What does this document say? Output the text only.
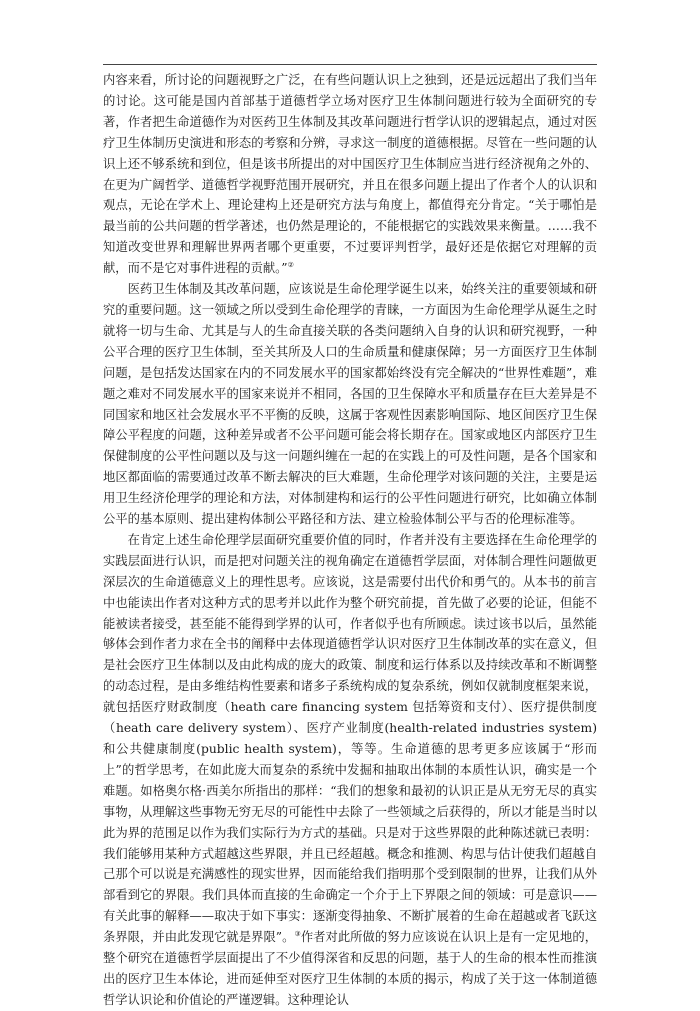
内容来看，所讨论的问题视野之广泛，在有些问题认识上之独到，还是远远超出了我们当年的讨论。这可能是国内首部基于道德哲学立场对医疗卫生体制问题进行较为全面研究的专著，作者把生命道德作为对医药卫生体制及其改革问题进行哲学认识的逻辑起点，通过对医疗卫生体制历史演进和形态的考察和分辨，寻求这一制度的道德根据。尽管在一些问题的认识上还不够系统和到位，但是该书所提出的对中国医疗卫生体制应当进行经济视角之外的、在更为广阔哲学、道德哲学视野范围开展研究，并且在很多问题上提出了作者个人的认识和观点，无论在学术上、理论建构上还是研究方法与角度上，都值得充分肯定。“关于哪怕是最当前的公共问题的哲学著述，也仍然是理论的，不能根据它的实践效果来衡量。……我不知道改变世界和理解世界两者哪个更重要，不过要评判哲学，最好还是依据它对理解的贡献，而不是它对事件进程的贡献。”②

医药卫生体制及其改革问题，应该说是生命伦理学诞生以来，始终关注的重要领域和研究的重要问题。这一领域之所以受到生命伦理学的青睐，一方面因为生命伦理学从诞生之时就将一切与生命、尤其是与人的生命直接关联的各类问题纳入自身的认识和研究视野，一种公平合理的医疗卫生体制，至关其所及人口的生命质量和健康保障；另一方面医疗卫生体制问题，是包括发达国家在内的不同发展水平的国家都始终没有完全解决的“世界性难题”，难题之难对不同发展水平的国家来说并不相同，各国的卫生保障水平和质量存在巨大差异是不同国家和地区社会发展水平不平衡的反映，这属于客观性因素影响国际、地区间医疗卫生保障公平程度的问题，这种差异或者不公平问题可能会将长期存在。国家或地区内部医疗卫生保健制度的公平性问题以及与这一问题纠缠在一起的在实践上的可及性问题，是各个国家和地区都面临的需要通过改革不断去解决的巨大难题，生命伦理学对该问题的关注，主要是运用卫生经济伦理学的理论和方法，对体制建构和运行的公平性问题进行研究，比如确立体制公平的基本原则、提出建构体制公平路径和方法、建立检验体制公平与否的伦理标准等。

在肯定上述生命伦理学层面研究重要价值的同时，作者并没有主要选择在生命伦理学的实践层面进行认识，而是把对问题关注的视角确定在道德哲学层面，对体制合理性问题做更深层次的生命道德意义上的理性思考。应该说，这是需要付出代价和勇气的。从本书的前言中也能读出作者对这种方式的思考并以此作为整个研究前提，首先做了必要的论证，但能不能被读者接受，甚至能不能得到学界的认可，作者似乎也有所顾虑。读过该书以后，虽然能够体会到作者力求在全书的阐释中去体现道德哲学认识对医疗卫生体制改革的实在意义，但是社会医疗卫生体制以及由此构成的庞大的政策、制度和运行体系以及持续改革和不断调整的动态过程，是由多维结构性要素和诸多子系统构成的复杂系统，例如仅就制度框架来说，就包括医疗财政制度（heath care financing system 包括筹资和支付）、医疗提供制度（heath care delivery system）、医疗产业制度(health-related industries system)和公共健康制度(public health system)，等等。生命道德的思考更多应该属于“形而上”的哲学思考，在如此庞大而复杂的系统中发掘和抽取出体制的本质性认识，确实是一个难题。如格奥尔格·西美尔所指出的那样：“我们的想象和最初的认识正是从无穷无尽的真实事物，从理解这些事物无穷无尽的可能性中去除了一些领域之后获得的，所以才能是当时以此为界的范围足以作为我们实际行为方式的基础。只是对于这些界限的此种陈述就已表明：我们能够用某种方式超越这些界限，并且已经超越。概念和推测、构思与估计使我们超越自己那个可以说是充满感性的现实世界，因而能给我们指明那个受到限制的世界，让我们从外部看到它的界限。我们具体而直接的生命确定一个介于上下界限之间的领域：可是意识——有关此事的解释——取决于如下事实：逐渐变得抽象、不断扩展着的生命在超越或者飞跃这条界限，并由此发现它就是界限”。③作者对此所做的努力应该说在认识上是有一定见地的，整个研究在道德哲学层面提出了不少值得深省和反思的问题，基于人的生命的根本性而推演出的医疗卫生本体论，进而延伸至对医疗卫生体制的本质的揭示，构成了关于这一体制道德哲学认识论和价值论的严谨逻辑。这种理论认
